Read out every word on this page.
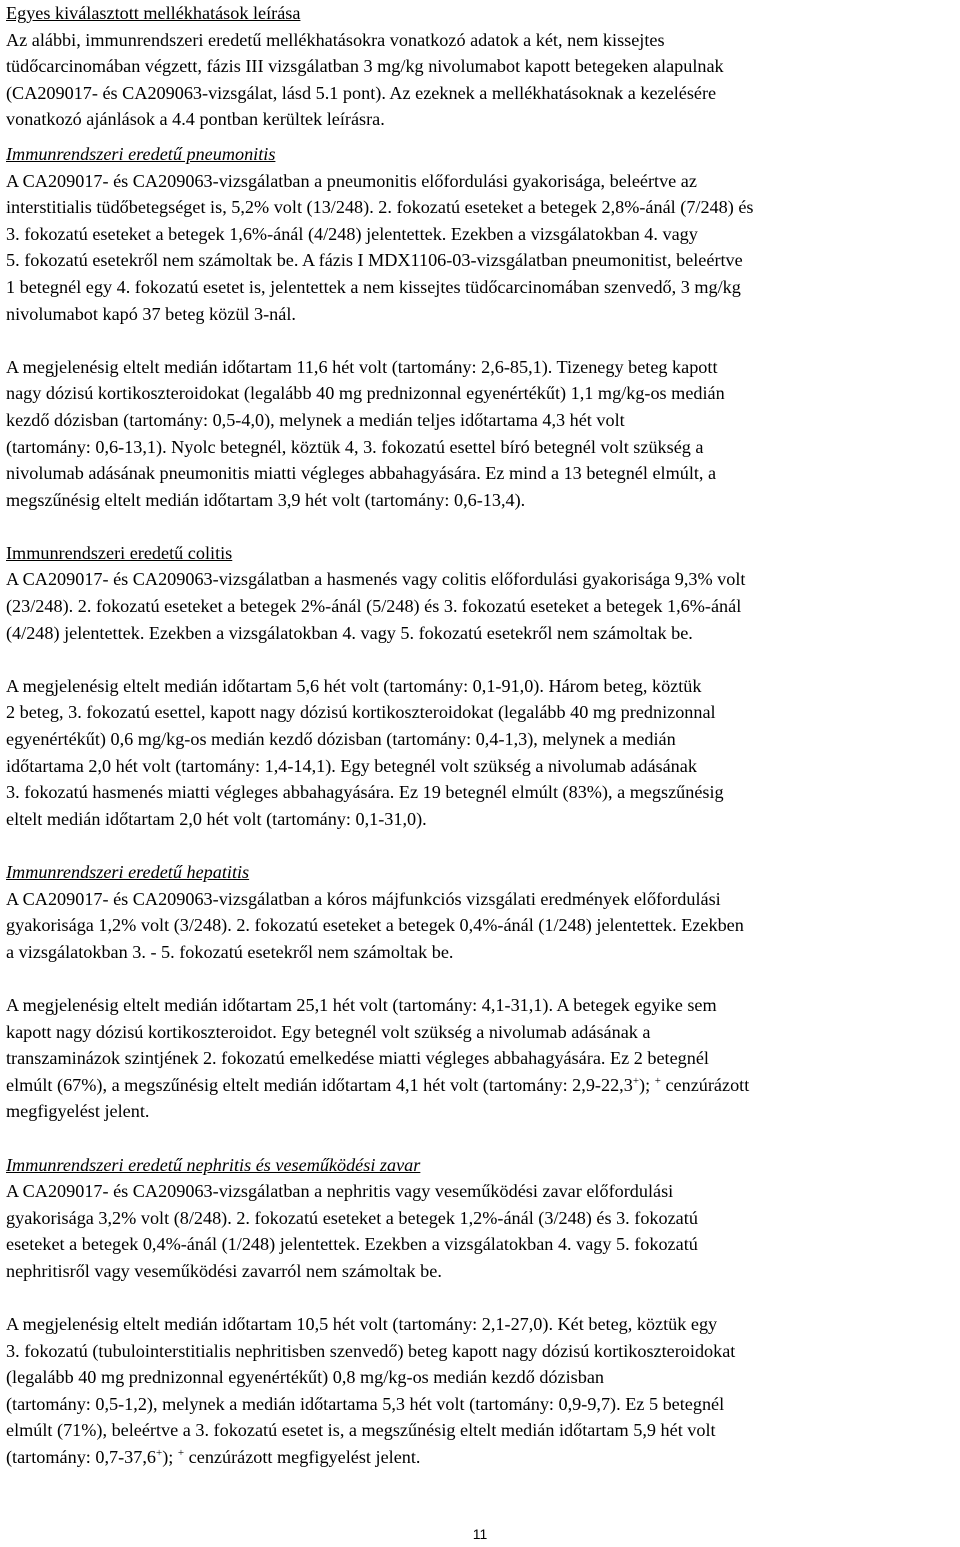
Egyes kiválasztott mellékhatások leírása
Az alábbi, immunrendszeri eredetű mellékhatásokra vonatkozó adatok a két, nem kissejtes
tüdőcarcinomában végzett, fázis III vizsgálatban 3 mg/kg nivolumabot kapott betegeken alapulnak
(CA209017- és CA209063-vizsgálat, lásd 5.1 pont). Az ezeknek a mellékhatásoknak a kezelésére
vonatkozó ajánlások a 4.4 pontban kerültek leírásra.
Immunrendszeri eredetű pneumonitis
A CA209017- és CA209063-vizsgálatban a pneumonitis előfordulási gyakorisága, beleértve az
interstitialis tüdőbetegséget is, 5,2% volt (13/248). 2. fokozatú eseteket a betegek 2,8%-ánál (7/248) és
3. fokozatú eseteket a betegek 1,6%-ánál (4/248) jelentettek. Ezekben a vizsgálatokban 4. vagy
5. fokozatú esetekről nem számoltak be. A fázis I MDX1106-03-vizsgálatban pneumonitist, beleértve
1 betegnél egy 4. fokozatú esetet is, jelentettek a nem kissejtes tüdőcarcinomában szenvedő, 3 mg/kg
nivolumabot kapó 37 beteg közül 3-nál.
A megjelenésig eltelt medián időtartam 11,6 hét volt (tartomány: 2,6-85,1). Tizenegy beteg kapott
nagy dózisú kortikoszteroidokat (legalább 40 mg prednizonnal egyenértékűt) 1,1 mg/kg-os medián
kezdő dózisban (tartomány: 0,5-4,0), melynek a medián teljes időtartama 4,3 hét volt
(tartomány: 0,6-13,1). Nyolc betegnél, köztük 4, 3. fokozatú esettel bíró betegnél volt szükség a
nivolumab adásának pneumonitis miatti végleges abbahagyására. Ez mind a 13 betegnél elmúlt, a
megszűnésig eltelt medián időtartam 3,9 hét volt (tartomány: 0,6-13,4).
Immunrendszeri eredetű colitis
A CA209017- és CA209063-vizsgálatban a hasmenés vagy colitis előfordulási gyakorisága 9,3% volt
(23/248). 2. fokozatú eseteket a betegek 2%-ánál (5/248) és 3. fokozatú eseteket a betegek 1,6%-ánál
(4/248) jelentettek. Ezekben a vizsgálatokban 4. vagy 5. fokozatú esetekről nem számoltak be.
A megjelenésig eltelt medián időtartam 5,6 hét volt (tartomány: 0,1-91,0). Három beteg, köztük
2 beteg, 3. fokozatú esettel, kapott nagy dózisú kortikoszteroidokat (legalább 40 mg prednizonnal
egyenértékűt) 0,6 mg/kg-os medián kezdő dózisban (tartomány: 0,4-1,3), melynek a medián
időtartama 2,0 hét volt (tartomány: 1,4-14,1). Egy betegnél volt szükség a nivolumab adásának
3. fokozatú hasmenés miatti végleges abbahagyására. Ez 19 betegnél elmúlt (83%), a megszűnésig
eltelt medián időtartam 2,0 hét volt (tartomány: 0,1-31,0).
Immunrendszeri eredetű hepatitis
A CA209017- és CA209063-vizsgálatban a kóros májfunkciós vizsgálati eredmények előfordulási
gyakorisága 1,2% volt (3/248). 2. fokozatú eseteket a betegek 0,4%-ánál (1/248) jelentettek. Ezekben
a vizsgálatokban 3. - 5. fokozatú esetekről nem számoltak be.
A megjelenésig eltelt medián időtartam 25,1 hét volt (tartomány: 4,1-31,1). A betegek egyike sem
kapott nagy dózisú kortikoszteroidot. Egy betegnél volt szükség a nivolumab adásának a
transzaminázok szintjének 2. fokozatú emelkedése miatti végleges abbahagyására. Ez 2 betegnél
elmúlt (67%), a megszűnésig eltelt medián időtartam 4,1 hét volt (tartomány: 2,9-22,3+); + cenzúrázott
megfigyelést jelent.
Immunrendszeri eredetű nephritis és veseműködési zavar
A CA209017- és CA209063-vizsgálatban a nephritis vagy veseműködési zavar előfordulási
gyakorisága 3,2% volt (8/248). 2. fokozatú eseteket a betegek 1,2%-ánál (3/248) és 3. fokozatú
eseteket a betegek 0,4%-ánál (1/248) jelentettek. Ezekben a vizsgálatokban 4. vagy 5. fokozatú
nephritisről vagy veseműködési zavarról nem számoltak be.
A megjelenésig eltelt medián időtartam 10,5 hét volt (tartomány: 2,1-27,0). Két beteg, köztük egy
3. fokozatú (tubulointerstitialis nephritisben szenvedő) beteg kapott nagy dózisú kortikoszteroidokat
(legalább 40 mg prednizonnal egyenértékűt) 0,8 mg/kg-os medián kezdő dózisban
(tartomány: 0,5-1,2), melynek a medián időtartama 5,3 hét volt (tartomány: 0,9-9,7). Ez 5 betegnél
elmúlt (71%), beleértve a 3. fokozatú esetet is, a megszűnésig eltelt medián időtartam 5,9 hét volt
(tartomány: 0,7-37,6+); + cenzúrázott megfigyelést jelent.
11
